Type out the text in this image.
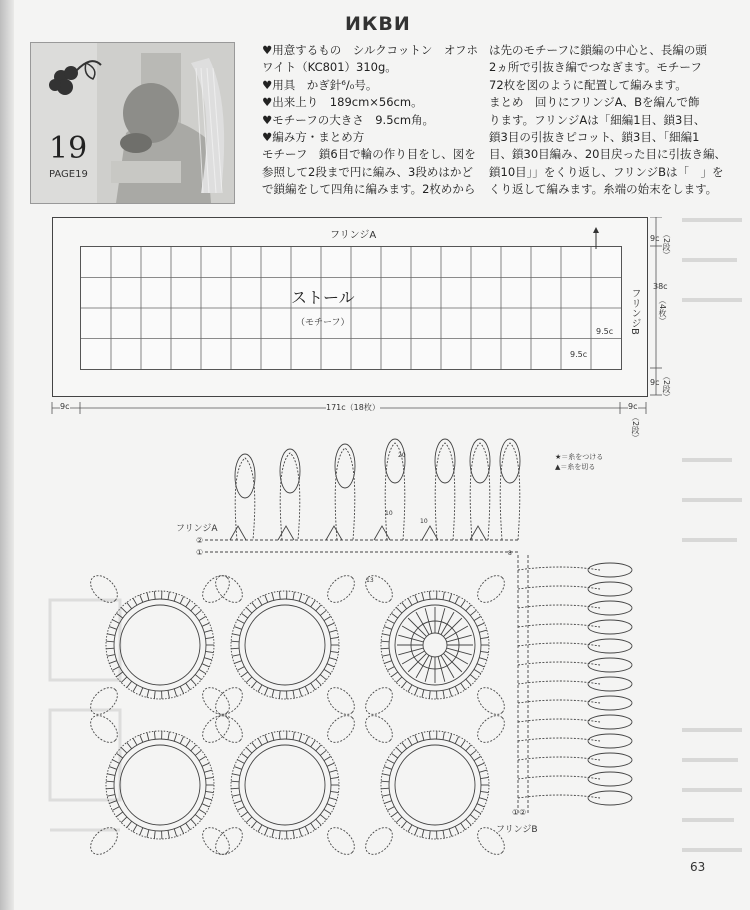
ИКВИ
19
PAGE19
♥用意するもの　シルクコットン　オフホ
ワイト（KC801）310g。
♥用具　かぎ針⁶/₀号。
♥出来上り　189cm×56cm。
♥モチーフの大きさ　9.5cm角。
♥編み方・まとめ方
モチーフ　鎖6目で輪の作り目をし、図を
参照して2段まで円に編み、3段めはかど
で鎖編をして四角に編みます。2枚めから
は先のモチーフに鎖編の中心と、長編の頭
2ヵ所で引抜き編でつなぎます。モチーフ
72枚を図のように配置して編みます。
まとめ　回りにフリンジA、Bを編んで飾
ります。フリンジAは「細編1目、鎖3目、
鎖3目の引抜きピコット、鎖3目、「細編1
目、鎖30目編み、20目戻った目に引抜き編、
鎖10目」」をくり返し、フリンジBは「　」を
くり返して編みます。糸端の始末をします。
フリンジA
ストール
（モチーフ）	フリンジB
9.5c
9.5c
9c （2段）
38c
（4枚）
9c （2段）
9c	171c（18枚）	9c
（2段）
★＝糸をつける
▲＝糸を切る
フリンジA
②
①
①②
フリンジB
20
10
10
13
8
63
